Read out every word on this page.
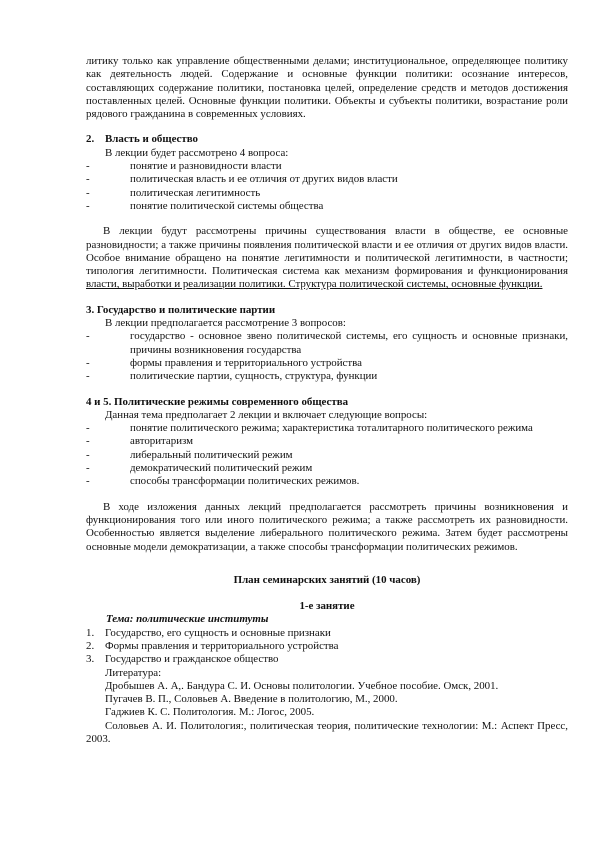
литику только как управление общественными делами; институциональное, определяющее политику как деятельность людей. Содержание и основные функции политики: осознание интересов, составляющих содержание политики, постановка целей, определение средств и методов достижения поставленных целей. Основные функции политики. Объекты и субъекты политики, возрастание роли рядового гражданина в современных условиях.

2. Власть и общество

В лекции будет рассмотрено 4 вопроса:

-	понятие и разновидности власти
-	политическая власть и ее отличия от других видов власти
-	политическая легитимность
-	понятие политической системы общества

В лекции будут рассмотрены причины существования власти в обществе, ее основные разновидности; а также причины появления политической власти и ее отличия от других видов власти. Особое внимание обращено на понятие легитимности и политической легитимности, в частности; типология легитимности. Политическая система как механизм формирования и функционирования власти, выработки и реализации политики. Структура политической системы, основные функции.

3. Государство и политические партии

В лекции предполагается рассмотрение 3 вопросов:

-	государство - основное звено политической системы, его сущность и основные признаки, причины возникновения государства
-	формы правления и территориального устройства
-	политические партии, сущность, структура, функции

4 и 5. Политические режимы современного общества

Данная тема предполагает 2 лекции и включает следующие вопросы:

-	понятие политического режима; характеристика тоталитарного политического режима
-	авторитаризм
-	либеральный политический режим
-	демократический политический режим
-	способы трансформации политических режимов.

В ходе изложения данных лекций предполагается рассмотреть причины возникновения и функционирования того или иного политического режима; а также рассмотреть их разновидности. Особенностью является выделение либерального политического режима. Затем будет рассмотрены основные модели демократизации, а также способы трансформации политических режимов.

План семинарских занятий (10 часов)

1-е занятие

Тема: политические институты

1. Государство, его сущность и основные признаки
2. Формы правления и территориального устройства
3. Государство и гражданское общество

Литература:

Дробышев А. А,. Бандура С. И. Основы политологии. Учебное пособие. Омск, 2001.

Пугачев В. П., Соловьев А. Введение в политологию, М., 2000.

Гаджиев К. С. Политология. М.: Логос, 2005.

Соловьев А. И. Политология:, политическая теория, политические технологии: М.: Аспект Пресс, 2003.
